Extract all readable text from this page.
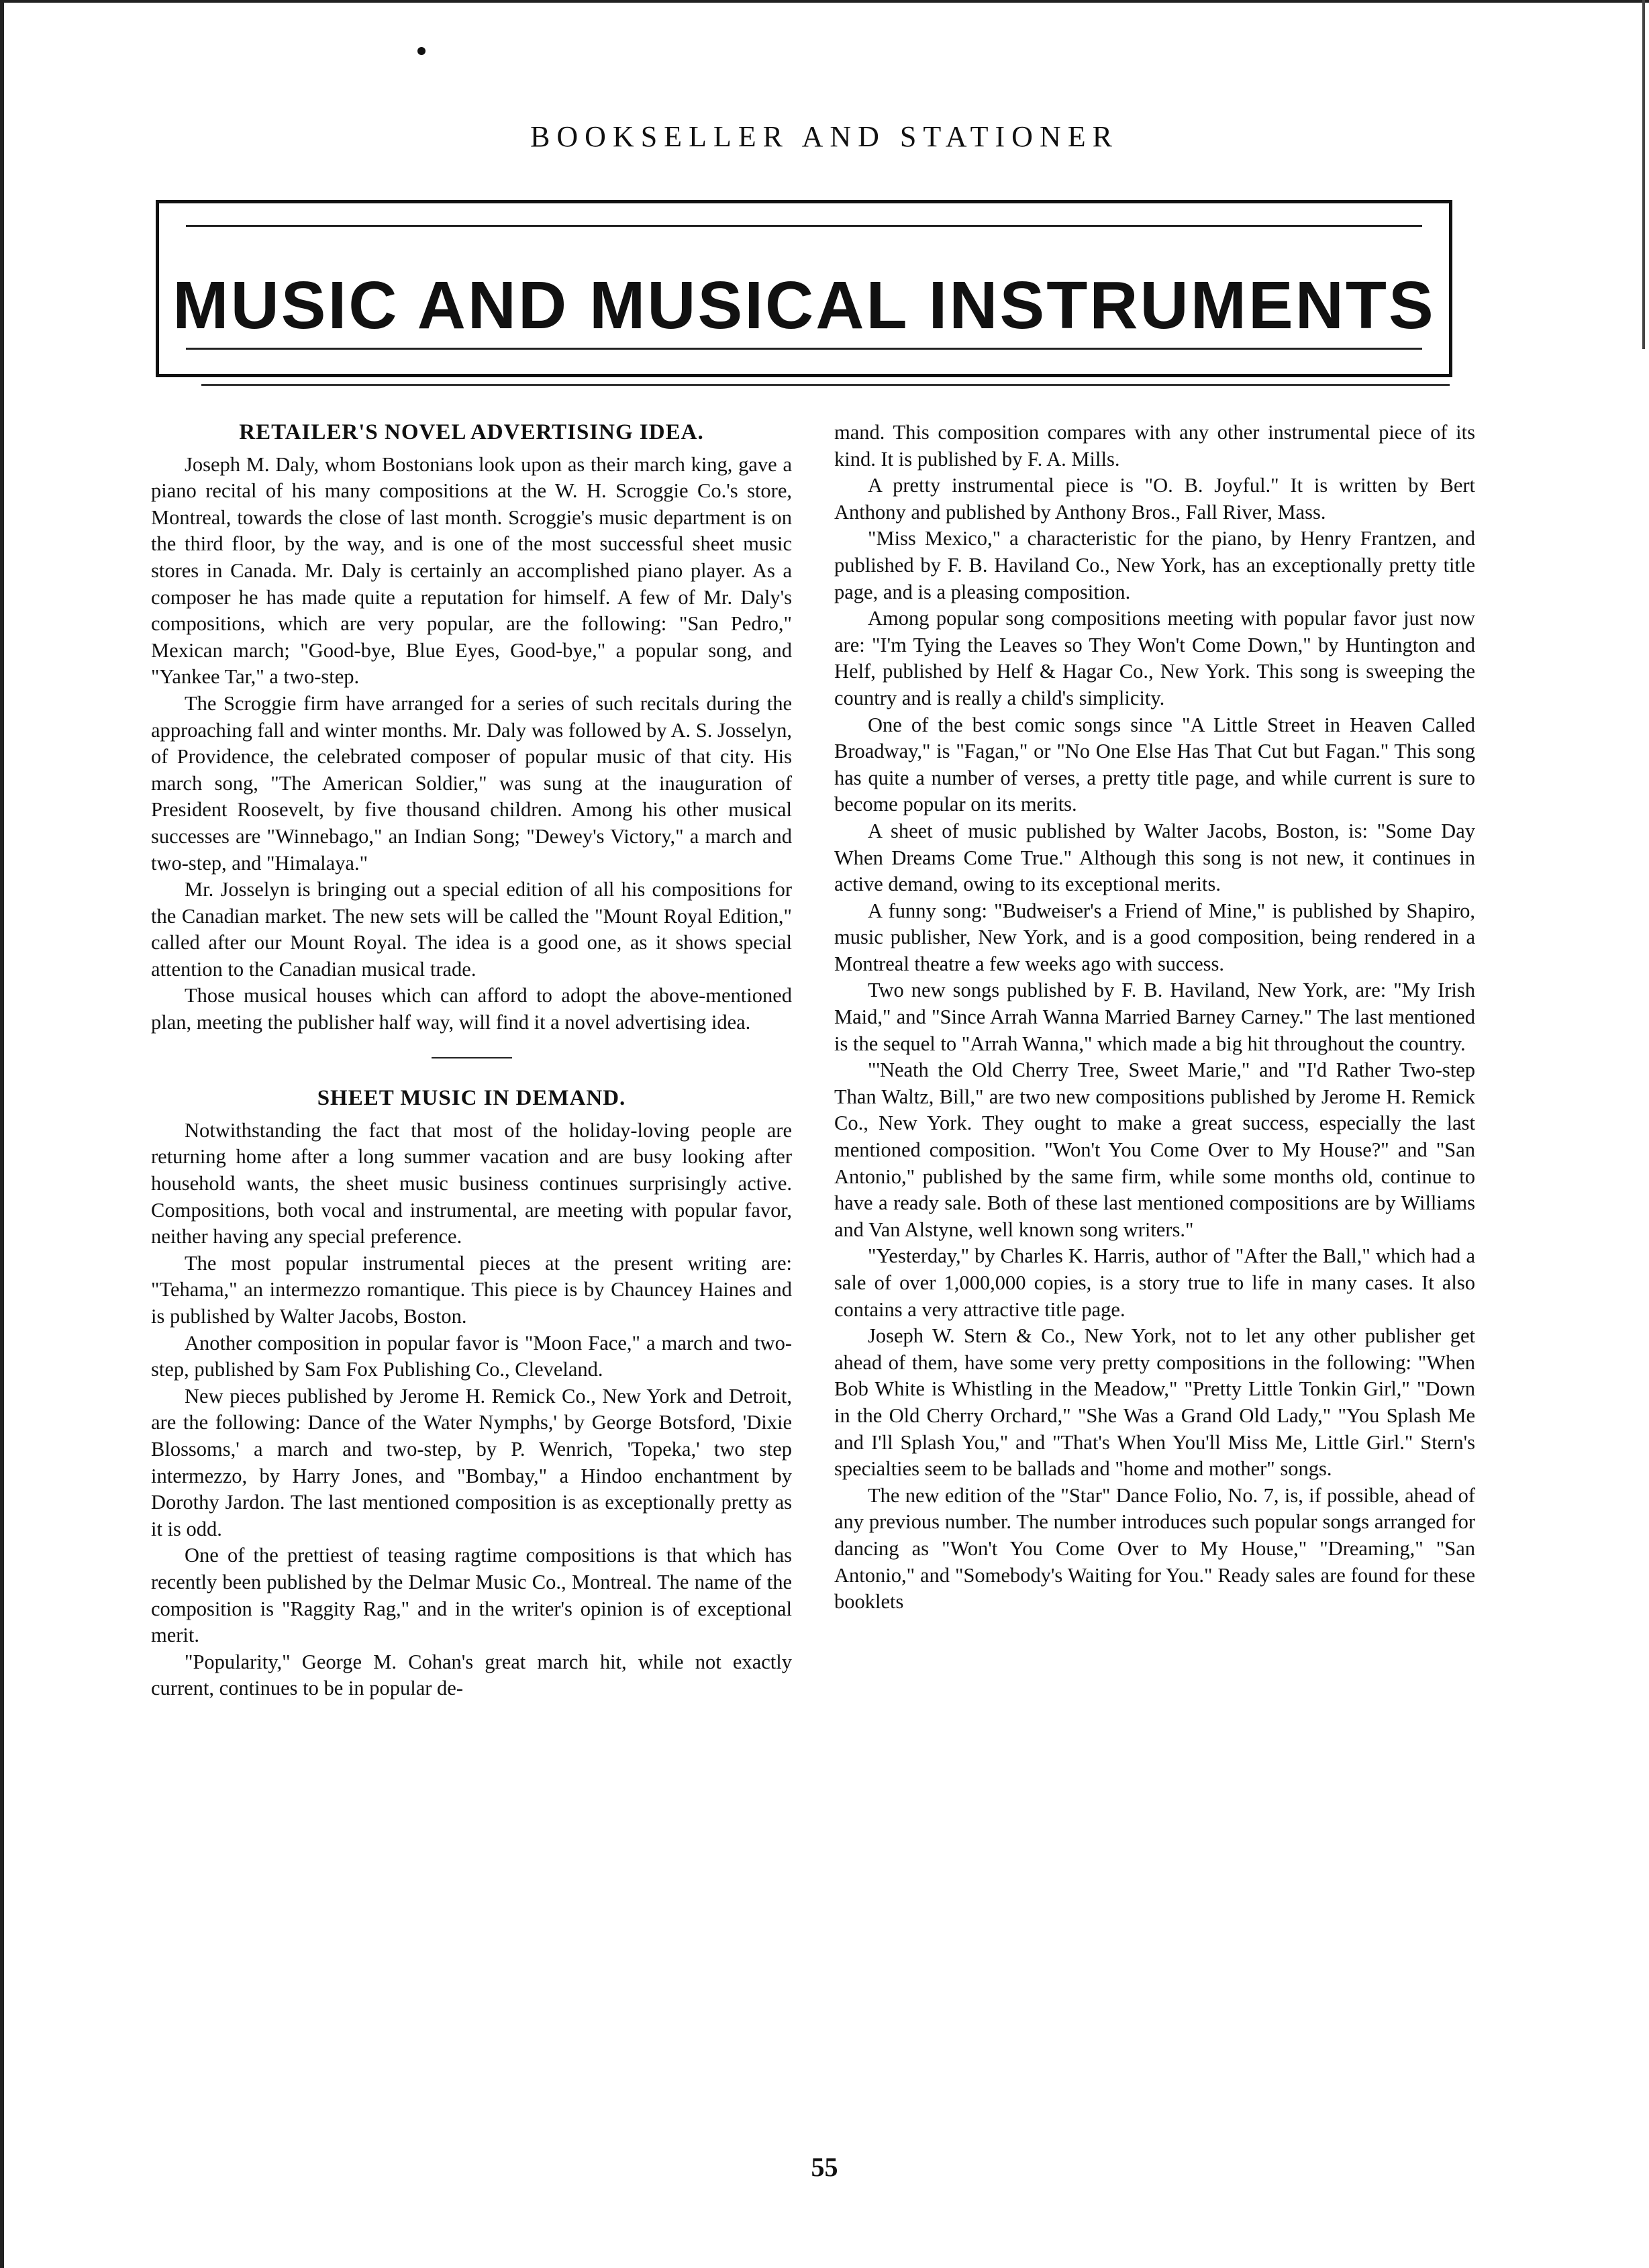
BOOKSELLER AND STATIONER
MUSIC AND MUSICAL INSTRUMENTS
RETAILER'S NOVEL ADVERTISING IDEA.

Joseph M. Daly, whom Bostonians look upon as their march king, gave a piano recital of his many compositions at the W. H. Scroggie Co.'s store, Montreal, towards the close of last month. Scroggie's music department is on the third floor, by the way, and is one of the most successful sheet music stores in Canada. Mr. Daly is certainly an accomplished piano player. As a composer he has made quite a reputation for himself. A few of Mr. Daly's compositions, which are very popular, are the following: "San Pedro," Mexican march; "Good-bye, Blue Eyes, Good-bye," a popular song, and "Yankee Tar," a two-step.

The Scroggie firm have arranged for a series of such recitals during the approaching fall and winter months. Mr. Daly was followed by A. S. Josselyn, of Providence, the celebrated composer of popular music of that city. His march song, "The American Soldier," was sung at the inauguration of President Roosevelt, by five thousand children. Among his other musical successes are "Winnebago," an Indian Song; "Dewey's Victory," a march and two-step, and "Himalaya."

Mr. Josselyn is bringing out a special edition of all his compositions for the Canadian market. The new sets will be called the "Mount Royal Edition," called after our Mount Royal. The idea is a good one, as it shows special attention to the Canadian musical trade.

Those musical houses which can afford to adopt the above-mentioned plan, meeting the publisher half way, will find it a novel advertising idea.

SHEET MUSIC IN DEMAND.

Notwithstanding the fact that most of the holiday-loving people are returning home after a long summer vacation and are busy looking after household wants, the sheet music business continues surprisingly active. Compositions, both vocal and instrumental, are meeting with popular favor, neither having any special preference.

The most popular instrumental pieces at the present writing are: "Tehama," an intermezzo romantique. This piece is by Chauncey Haines and is published by Walter Jacobs, Boston.

Another composition in popular favor is "Moon Face," a march and two-step, published by Sam Fox Publishing Co., Cleveland.

New pieces published by Jerome H. Remick Co., New York and Detroit, are the following: Dance of the Water Nymphs,' by George Botsford, 'Dixie Blossoms,' a march and two-step, by P. Wenrich, 'Topeka,' two step intermezzo, by Harry Jones, and "Bombay," a Hindoo enchantment by Dorothy Jardon. The last mentioned composition is as exceptionally pretty as it is odd.

One of the prettiest of teasing ragtime compositions is that which has recently been published by the Delmar Music Co., Montreal. The name of the composition is "Raggity Rag," and in the writer's opinion is of exceptional merit.

"Popularity," George M. Cohan's great march hit, while not exactly current, continues to be in popular de-

mand. This composition compares with any other instrumental piece of its kind. It is published by F. A. Mills.

A pretty instrumental piece is "O. B. Joyful." It is written by Bert Anthony and published by Anthony Bros., Fall River, Mass.

"Miss Mexico," a characteristic for the piano, by Henry Frantzen, and published by F. B. Haviland Co., New York, has an exceptionally pretty title page, and is a pleasing composition.

Among popular song compositions meeting with popular favor just now are: "I'm Tying the Leaves so They Won't Come Down," by Huntington and Helf, published by Helf & Hagar Co., New York. This song is sweeping the country and is really a child's simplicity.

One of the best comic songs since "A Little Street in Heaven Called Broadway," is "Fagan," or "No One Else Has That Cut but Fagan." This song has quite a number of verses, a pretty title page, and while current is sure to become popular on its merits.

A sheet of music published by Walter Jacobs, Boston, is: "Some Day When Dreams Come True." Although this song is not new, it continues in active demand, owing to its exceptional merits.

A funny song: "Budweiser's a Friend of Mine," is published by Shapiro, music publisher, New York, and is a good composition, being rendered in a Montreal theatre a few weeks ago with success.

Two new songs published by F. B. Haviland, New York, are: "My Irish Maid," and "Since Arrah Wanna Married Barney Carney." The last mentioned is the sequel to "Arrah Wanna," which made a big hit throughout the country.

"'Neath the Old Cherry Tree, Sweet Marie," and "I'd Rather Two-step Than Waltz, Bill," are two new compositions published by Jerome H. Remick Co., New York. They ought to make a great success, especially the last mentioned composition. "Won't You Come Over to My House?" and "San Antonio," published by the same firm, while some months old, continue to have a ready sale. Both of these last mentioned compositions are by Williams and Van Alstyne, well known song writers."

"Yesterday," by Charles K. Harris, author of "After the Ball," which had a sale of over 1,000,000 copies, is a story true to life in many cases. It also contains a very attractive title page.

Joseph W. Stern & Co., New York, not to let any other publisher get ahead of them, have some very pretty compositions in the following: "When Bob White is Whistling in the Meadow," "Pretty Little Tonkin Girl," "Down in the Old Cherry Orchard," "She Was a Grand Old Lady," "You Splash Me and I'll Splash You," and "That's When You'll Miss Me, Little Girl." Stern's specialties seem to be ballads and "home and mother" songs.

The new edition of the "Star" Dance Folio, No. 7, is, if possible, ahead of any previous number. The number introduces such popular songs arranged for dancing as "Won't You Come Over to My House," "Dreaming," "San Antonio," and "Somebody's Waiting for You." Ready sales are found for these booklets

55
